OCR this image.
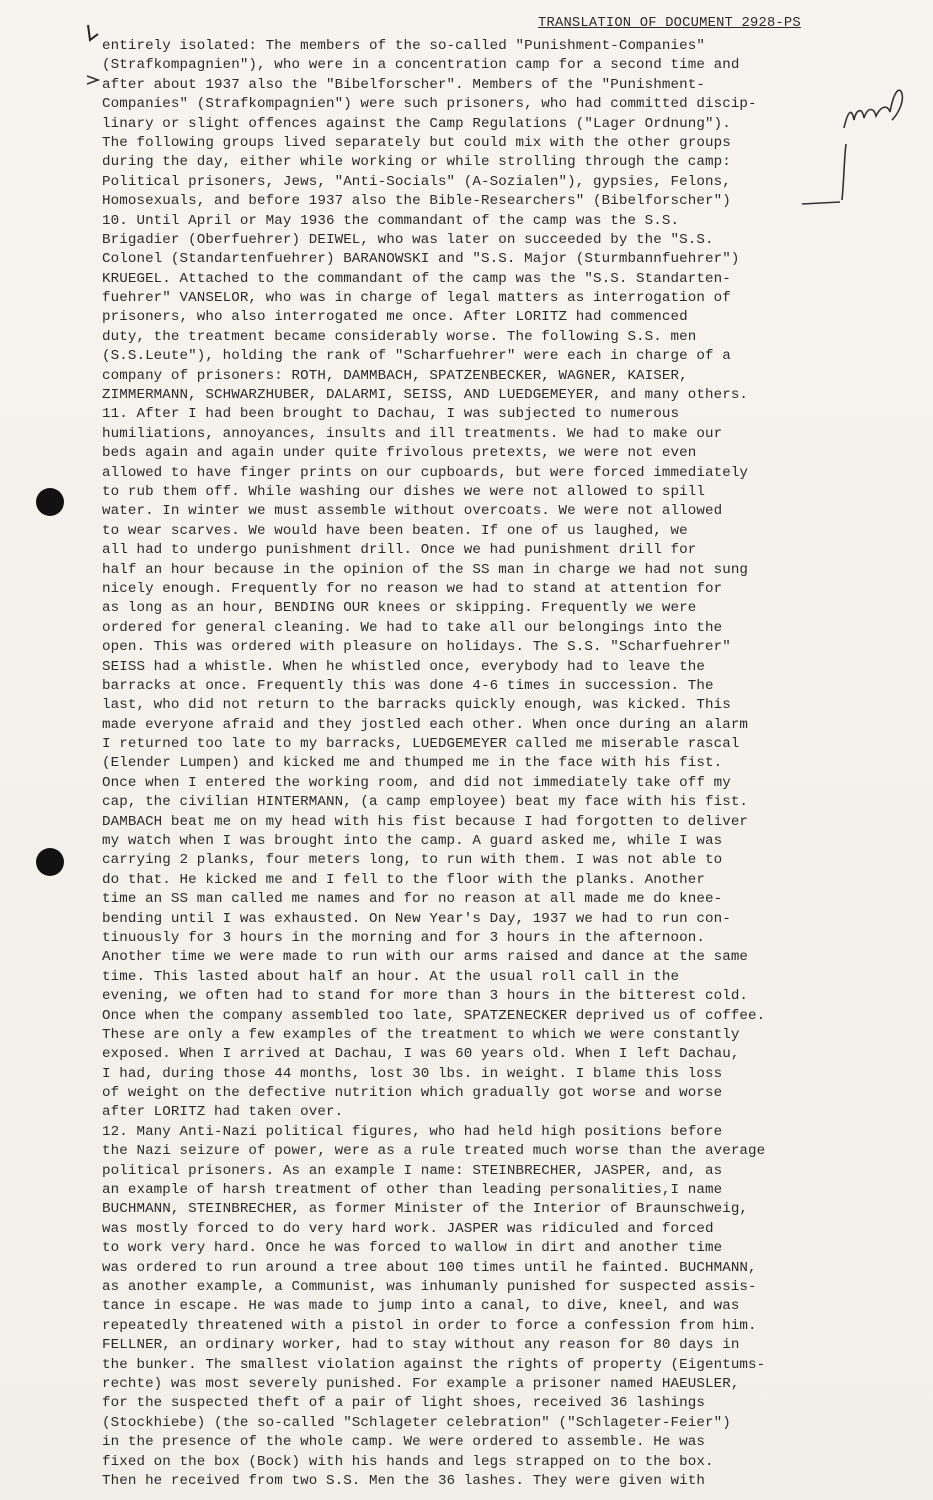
TRANSLATION OF DOCUMENT 2928-PS
entirely isolated: The members of the so-called "Punishment-Companies"
(Strafkompagnien"), who were in a concentration camp for a second time and
after about 1937 also the "Bibelforscher". Members of the "Punishment-
Companies" (Strafkompagnien") were such prisoners, who had committed discip-
linary or slight offences against the Camp Regulations ("Lager Ordnung").
The following groups lived separately but could mix with the other groups
during the day, either while working or while strolling through the camp:
Political prisoners, Jews, "Anti-Socials" (A-Sozialen"), gypsies, Felons,
Homosexuals, and before 1937 also the Bible-Researchers" (Bibelforscher")
10. Until April or May 1936 the commandant of the camp was the S.S.
Brigadier (Oberfuehrer) DEIWEL, who was later on succeeded by the "S.S.
Colonel (Standartenfuehrer) BARANOWSKI and "S.S. Major (Sturmbannfuehrer")
KRUEGEL. Attached to the commandant of the camp was the "S.S. Standarten-
fuehrer" VANSELOR, who was in charge of legal matters as interrogation of
prisoners, who also interrogated me once. After LORITZ had commenced
duty, the treatment became considerably worse. The following S.S. men
(S.S.Leute"), holding the rank of "Scharfuehrer" were each in charge of a
company of prisoners: ROTH, DAMMBACH, SPATZENBECKER, WAGNER, KAISER,
ZIMMERMANN, SCHWARZHUBER, DALARMI, SEISS, AND LUEDGEMEYER, and many others.
11. After I had been brought to Dachau, I was subjected to numerous
humiliations, annoyances, insults and ill treatments. We had to make our
beds again and again under quite frivolous pretexts, we were not even
allowed to have finger prints on our cupboards, but were forced immediately
to rub them off. While washing our dishes we were not allowed to spill
water. In winter we must assemble without overcoats. We were not allowed
to wear scarves. We would have been beaten. If one of us laughed, we
all had to undergo punishment drill. Once we had punishment drill for
half an hour because in the opinion of the SS man in charge we had not sung
nicely enough. Frequently for no reason we had to stand at attention for
as long as an hour, BENDING OUR knees or skipping. Frequently we were
ordered for general cleaning. We had to take all our belongings into the
open. This was ordered with pleasure on holidays. The S.S. "Scharfuehrer"
SEISS had a whistle. When he whistled once, everybody had to leave the
barracks at once. Frequently this was done 4-6 times in succession. The
last, who did not return to the barracks quickly enough, was kicked. This
made everyone afraid and they jostled each other. When once during an alarm
I returned too late to my barracks, LUEDGEMEYER called me miserable rascal
(Elender Lumpen) and kicked me and thumped me in the face with his fist.
Once when I entered the working room, and did not immediately take off my
cap, the civilian HINTERMANN, (a camp employee) beat my face with his fist.
DAMBACH beat me on my head with his fist because I had forgotten to deliver
my watch when I was brought into the camp. A guard asked me, while I was
carrying 2 planks, four meters long, to run with them. I was not able to
do that. He kicked me and I fell to the floor with the planks. Another
time an SS man called me names and for no reason at all made me do knee-
bending until I was exhausted. On New Year's Day, 1937 we had to run con-
tinuously for 3 hours in the morning and for 3 hours in the afternoon.
Another time we were made to run with our arms raised and dance at the same
time. This lasted about half an hour. At the usual roll call in the
evening, we often had to stand for more than 3 hours in the bitterest cold.
Once when the company assembled too late, SPATZENECKER deprived us of coffee.
These are only a few examples of the treatment to which we were constantly
exposed. When I arrived at Dachau, I was 60 years old. When I left Dachau,
I had, during those 44 months, lost 30 lbs. in weight. I blame this loss
of weight on the defective nutrition which gradually got worse and worse
after LORITZ had taken over.
12. Many Anti-Nazi political figures, who had held high positions before
the Nazi seizure of power, were as a rule treated much worse than the average
political prisoners. As an example I name: STEINBRECHER, JASPER, and, as
an example of harsh treatment of other than leading personalities,I name
BUCHMANN, STEINBRECHER, as former Minister of the Interior of Braunschweig,
was mostly forced to do very hard work. JASPER was ridiculed and forced
to work very hard. Once he was forced to wallow in dirt and another time
was ordered to run around a tree about 100 times until he fainted. BUCHMANN,
as another example, a Communist, was inhumanly punished for suspected assis-
tance in escape. He was made to jump into a canal, to dive, kneel, and was
repeatedly threatened with a pistol in order to force a confession from him.
FELLNER, an ordinary worker, had to stay without any reason for 80 days in
the bunker. The smallest violation against the rights of property (Eigentums-
rechte) was most severely punished. For example a prisoner named HAEUSLER,
for the suspected theft of a pair of light shoes, received 36 lashings
(Stockhiebe) (the so-called "Schlageter celebration" ("Schlageter-Feier")
in the presence of the whole camp. We were ordered to assemble. He was
fixed on the box (Bock) with his hands and legs strapped on to the box.
Then he received from two S.S. Men the 36 lashes. They were given with
